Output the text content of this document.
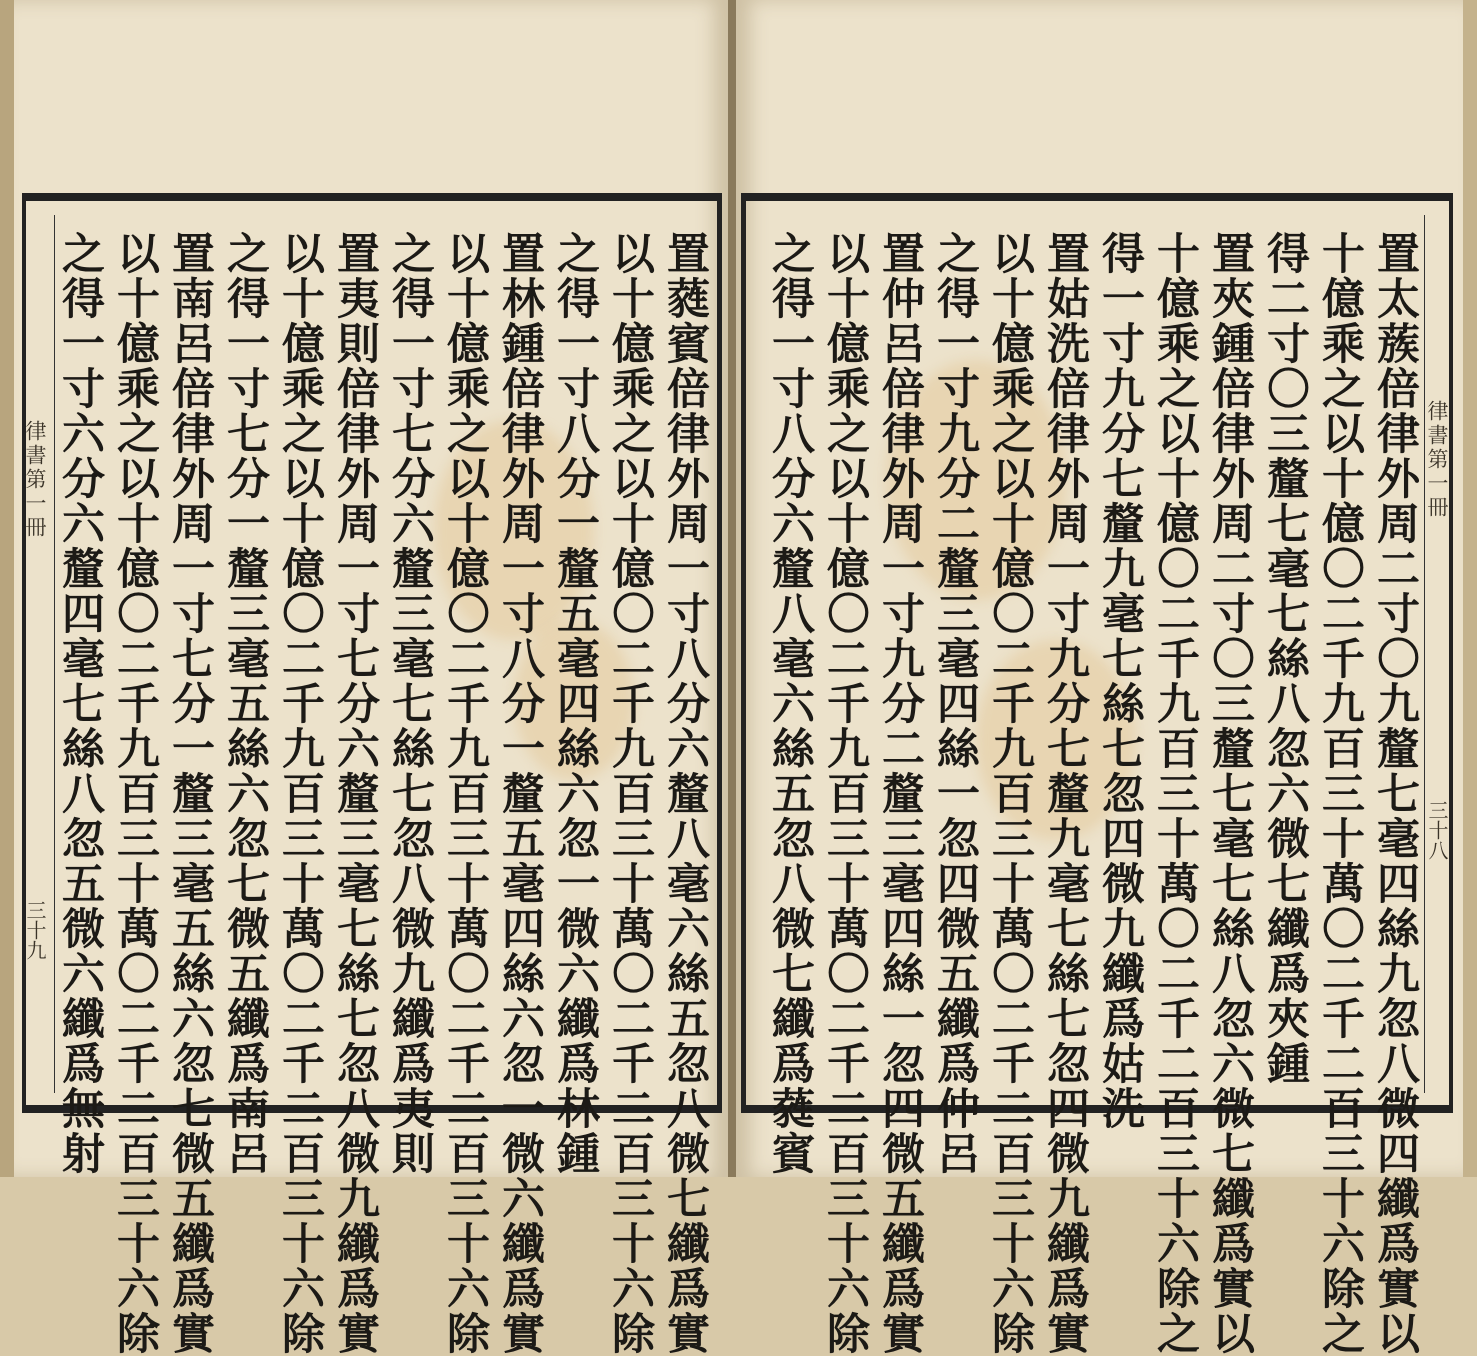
律書第一冊
三十九
律書第一冊
三十八
置蕤賓倍律外周一寸八分六釐八毫六絲五忽八微七纖爲實
以十億乘之以十億〇二千九百三十萬〇二千二百三十六除
之得一寸八分一釐五毫四絲六忽一微六纖爲林鍾
置林鍾倍律外周一寸八分一釐五毫四絲六忽一微六纖爲實
以十億乘之以十億〇二千九百三十萬〇二千二百三十六除
之得一寸七分六釐三毫七絲七忽八微九纖爲夷則
置夷則倍律外周一寸七分六釐三毫七絲七忽八微九纖爲實
以十億乘之以十億〇二千九百三十萬〇二千二百三十六除
之得一寸七分一釐三毫五絲六忽七微五纖爲南呂
置南呂倍律外周一寸七分一釐三毫五絲六忽七微五纖爲實
以十億乘之以十億〇二千九百三十萬〇二千二百三十六除
之得一寸六分六釐四毫七絲八忽五微六纖爲無射	置太蔟倍律外周二寸〇九釐七毫四絲九忽八微四纖爲實以
十億乘之以十億〇二千九百三十萬〇二千二百三十六除之
得二寸〇三釐七毫七絲八忽六微七纖爲夾鍾
置夾鍾倍律外周二寸〇三釐七毫七絲八忽六微七纖爲實以
十億乘之以十億〇二千九百三十萬〇二千二百三十六除之
得一寸九分七釐九毫七絲七忽四微九纖爲姑洗
置姑洗倍律外周一寸九分七釐九毫七絲七忽四微九纖爲實
以十億乘之以十億〇二千九百三十萬〇二千二百三十六除
之得一寸九分二釐三毫四絲一忽四微五纖爲仲呂
置仲呂倍律外周一寸九分二釐三毫四絲一忽四微五纖爲實
以十億乘之以十億〇二千九百三十萬〇二千二百三十六除
之得一寸八分六釐八毫六絲五忽八微七纖爲蕤賓
